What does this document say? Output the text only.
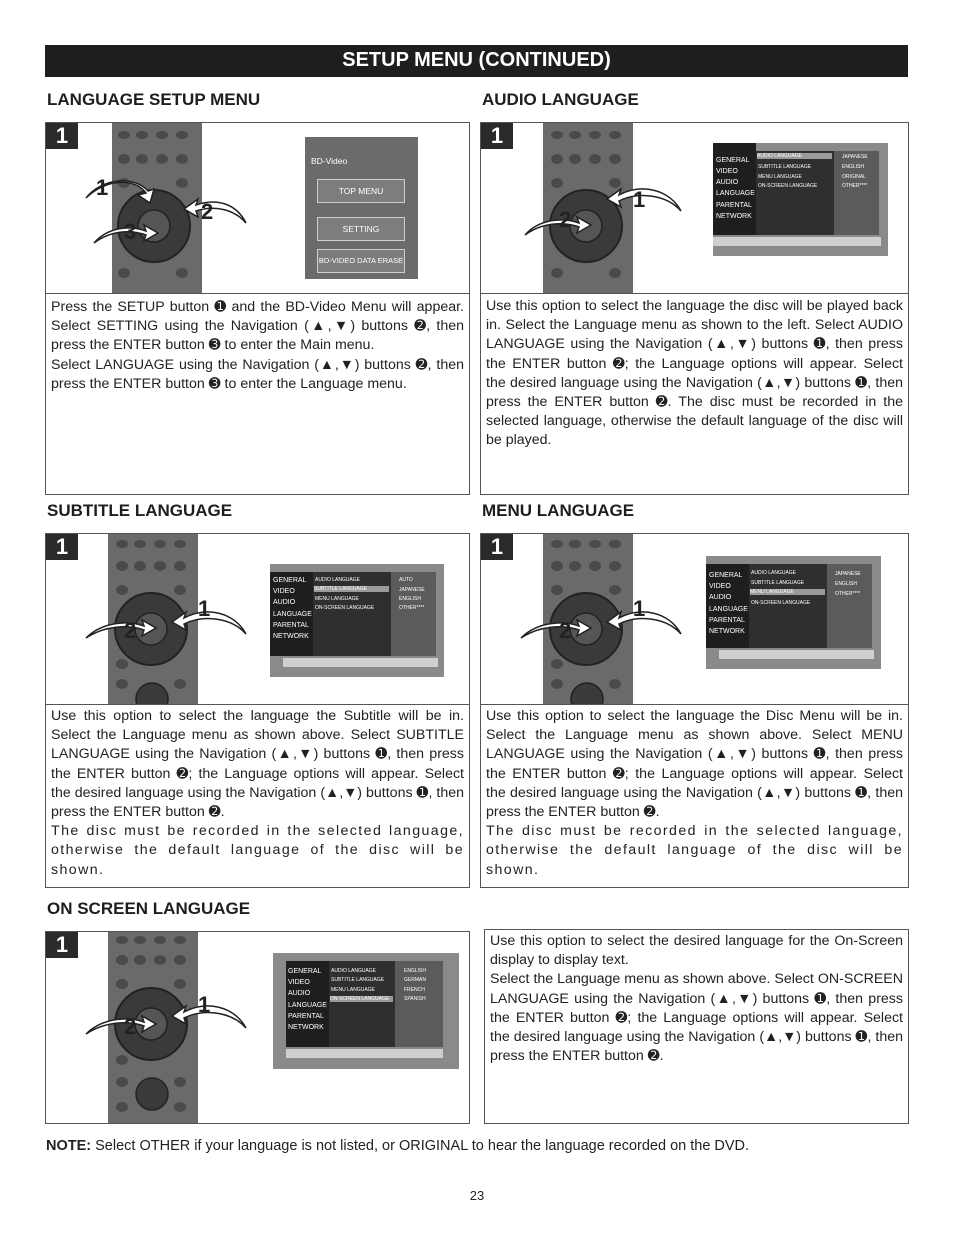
SETUP MENU (CONTINUED)
LANGUAGE SETUP MENU
1
1
2
3
BD-Video
TOP MENU
SETTING
BD-VIDEO DATA ERASE

Press the SETUP button ➊ and the BD-Video Menu will appear. Select SETTING using the Navigation (▲,▼) buttons ➋, then press the ENTER button ➌ to enter the Main menu.

Select LANGUAGE using the Navigation (▲,▼) buttons ➋, then press the ENTER button ➌ to enter the Language menu.

AUDIO LANGUAGE
1
1
2
GENERAL
VIDEO
AUDIO
LANGUAGE
PARENTAL
NETWORK
AUDIO LANGUAGE
SUBTITLE LANGUAGE
MENU LANGUAGE
ON-SCREEN LANGUAGE
JAPANESE
ENGLISH
ORIGINAL
OTHER****

Use this option to select the language the disc will be played back in. Select the Language menu as shown to the left. Select AUDIO LANGUAGE using the Navigation (▲,▼) buttons ➊, then press the ENTER button ➋; the Language options will appear. Select the desired language using the Navigation (▲,▼) buttons ➊, then press the ENTER button ➋. The disc must be recorded in the selected language, otherwise the default language of the disc will be played.

SUBTITLE LANGUAGE
1
1
2
GENERAL
VIDEO
AUDIO
LANGUAGE
PARENTAL
NETWORK
AUDIO LANGUAGE
SUBTITLE LANGUAGE
MENU LANGUAGE
ON-SCREEN LANGUAGE
AUTO
JAPANESE
ENGLISH
OTHER****

Use this option to select the language the Subtitle will be in. Select the Language menu as shown above. Select SUBTITLE LANGUAGE using the Navigation (▲,▼) buttons ➊, then press the ENTER button ➋; the Language options will appear. Select the desired language using the Navigation (▲,▼) buttons ➊, then press the ENTER button ➋.

The disc must be recorded in the selected language, otherwise the default language of the disc will be shown.

MENU LANGUAGE
1
1
2
GENERAL
VIDEO
AUDIO
LANGUAGE
PARENTAL
NETWORK
AUDIO LANGUAGE
SUBTITLE LANGUAGE
MENU LANGUAGE
ON-SCREEN LANGUAGE
JAPANESE
ENGLISH
OTHER****

Use this option to select the language the Disc Menu will be in. Select the Language menu as shown above. Select MENU LANGUAGE using the Navigation (▲,▼) buttons ➊, then press the ENTER button ➋; the Language options will appear. Select the desired language using the Navigation (▲,▼) buttons ➊, then press the ENTER button ➋.

The disc must be recorded in the selected language, otherwise the default language of the disc will be shown.

ON SCREEN LANGUAGE
1
1
2
GENERAL
VIDEO
AUDIO
LANGUAGE
PARENTAL
NETWORK
AUDIO LANGUAGE
SUBTITLE LANGUAGE
MENU LANGUAGE
ON-SCREEN LANGUAGE
ENGLISH
GERMAN
FRENCH
SPANISH

Use this option to select the desired language for the On-Screen display to display text.

Select the Language menu as shown above. Select ON-SCREEN LANGUAGE using the Navigation (▲,▼) buttons ➊, then press the ENTER button ➋; the Language options will appear. Select the desired language using the Navigation (▲,▼) buttons ➊, then press the ENTER button ➋.

NOTE: Select OTHER if your language is not listed, or ORIGINAL to hear the language recorded on the DVD.
23
